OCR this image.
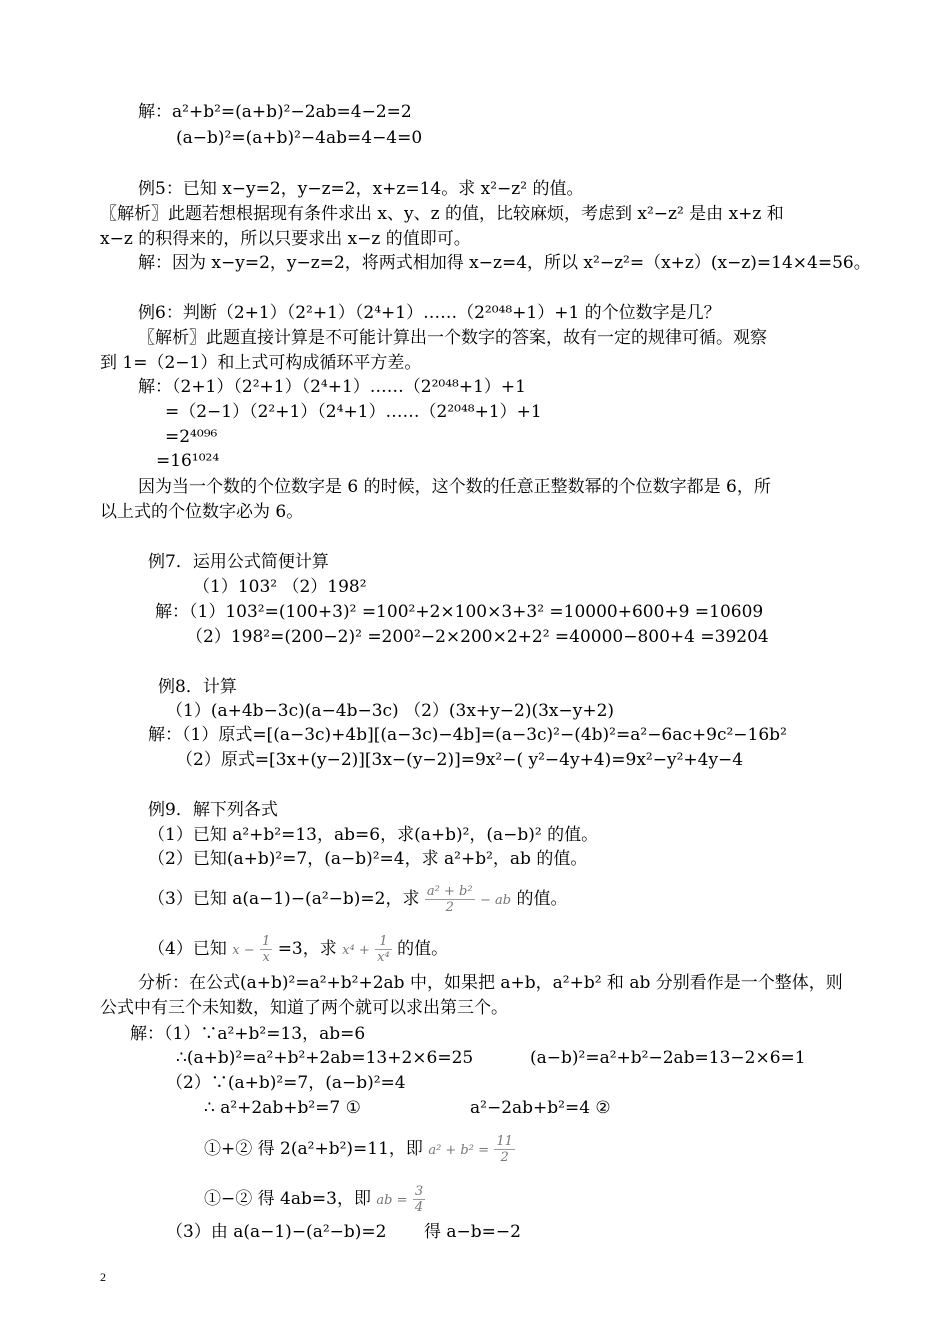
解：a²+b²=(a+b)²−2ab=4−2=2
(a−b)²=(a+b)²−4ab=4−4=0
例5：已知 x−y=2，y−z=2，x+z=14。求 x²−z² 的值。
〖解析〗此题若想根据现有条件求出 x、y、z 的值，比较麻烦，考虑到 x²−z² 是由 x+z 和
x−z 的积得来的，所以只要求出 x−z 的值即可。
解：因为 x−y=2，y−z=2，将两式相加得 x−z=4，所以 x²−z²=（x+z）(x−z)=14×4=56。
例6：判断（2+1）（2²+1）（2⁴+1）……（2²⁰⁴⁸+1）+1 的个位数字是几？
〖解析〗此题直接计算是不可能计算出一个数字的答案，故有一定的规律可循。观察
到 1=（2−1）和上式可构成循环平方差。
解：（2+1）（2²+1）（2⁴+1）……（2²⁰⁴⁸+1）+1
=（2−1）（2²+1）（2⁴+1）……（2²⁰⁴⁸+1）+1
=2⁴⁰⁹⁶
=16¹⁰²⁴
因为当一个数的个位数字是 6 的时候，这个数的任意正整数幂的个位数字都是 6，所
以上式的个位数字必为 6。
例7．运用公式简便计算
（1）103² （2）198²
解：（1）103²=(100+3)² =100²+2×100×3+3² =10000+600+9 =10609
（2）198²=(200−2)² =200²−2×200×2+2² =40000−800+4 =39204
例8．计算
（1）(a+4b−3c)(a−4b−3c) （2）(3x+y−2)(3x−y+2)
解：（1）原式=[(a−3c)+4b][(a−3c)−4b]=(a−3c)²−(4b)²=a²−6ac+9c²−16b²
（2）原式=[3x+(y−2)][3x−(y−2)]=9x²−( y²−4y+4)=9x²−y²+4y−4
例9．解下列各式
（1）已知 a²+b²=13，ab=6，求(a+b)²，(a−b)² 的值。
（2）已知(a+b)²=7，(a−b)²=4，求 a²+b²，ab 的值。
（3）已知 a(a−1)−(a²−b)=2，求 $\frac{\text{a² + b²}}{2}$ − ab 的值。
（4）已知 $x - \frac{1}{x} =3$，求 $x^4 + \frac{1}{\text{x⁴}}$ 的值。
分析：在公式(a+b)²=a²+b²+2ab 中，如果把 a+b，a²+b² 和 ab 分别看作是一个整体，则
公式中有三个未知数，知道了两个就可以求出第三个。
解：（1）∵a²+b²=13，ab=6
∴(a+b)²=a²+b²+2ab=13+2×6=25	(a−b)²=a²+b²−2ab=13−2×6=1
（2）∵(a+b)²=7，(a−b)²=4
∴ a²+2ab+b²=7 ①	a²−2ab+b²=4 ②
①+② 得 2(a²+b²)=11，即 $a^2 + b^2 = \frac{11}{2}$
①−② 得 4ab=3，即 ab = $\frac{3}{4}$
（3）由 a(a−1)−(a²−b)=2 得 a−b=−2
2
